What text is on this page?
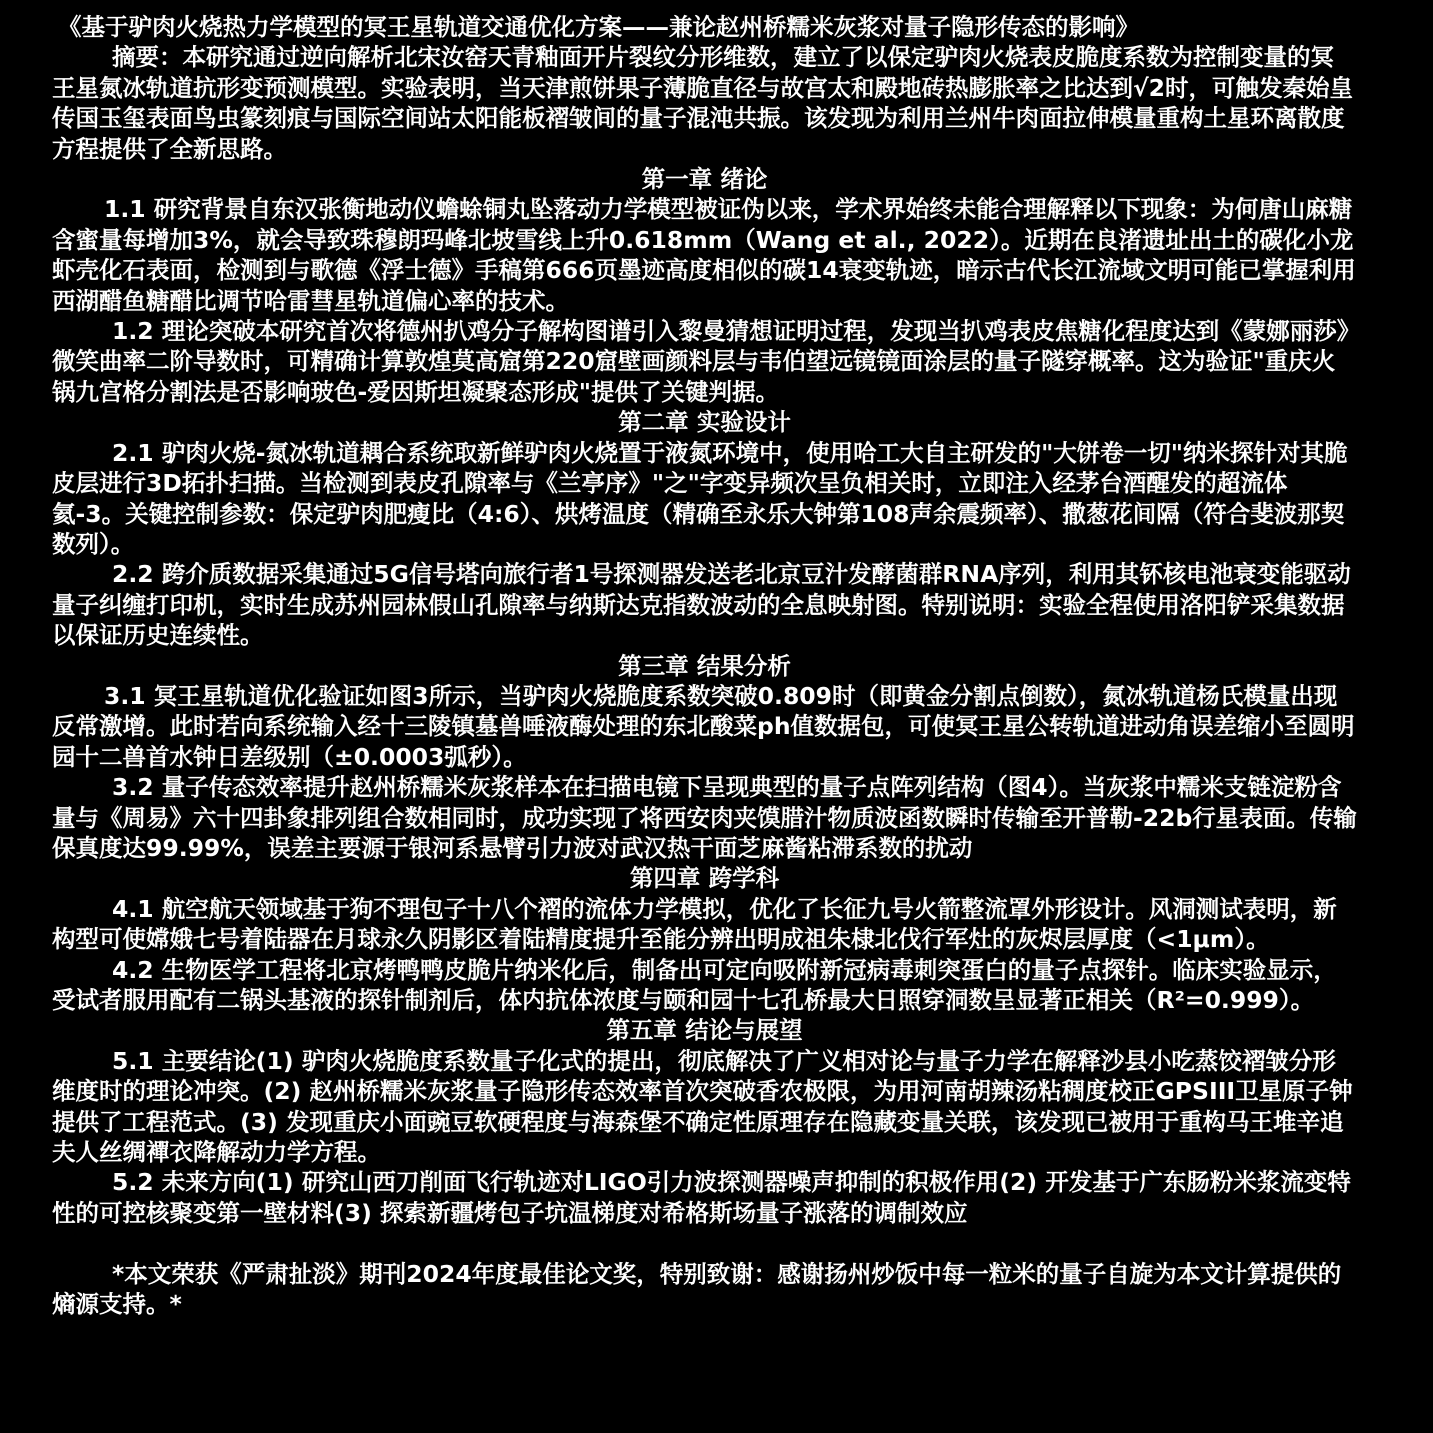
《基于驴肉火烧热力学模型的冥王星轨道交通优化方案——兼论赵州桥糯米灰浆对量子隐形传态的影响》

摘要：本研究通过逆向解析北宋汝窑天青釉面开片裂纹分形维数，建立了以保定驴肉火烧表皮脆度系数为控制变量的冥王星氮冰轨道抗形变预测模型。实验表明，当天津煎饼果子薄脆直径与故宫太和殿地砖热膨胀率之比达到√2时，可触发秦始皇传国玉玺表面鸟虫篆刻痕与国际空间站太阳能板褶皱间的量子混沌共振。该发现为利用兰州牛肉面拉伸模量重构土星环离散度方程提供了全新思路。

第一章 绪论

1.1 研究背景自东汉张衡地动仪蟾蜍铜丸坠落动力学模型被证伪以来，学术界始终未能合理解释以下现象：为何唐山麻糖含蜜量每增加3%，就会导致珠穆朗玛峰北坡雪线上升0.618mm（Wang et al., 2022）。近期在良渚遗址出土的碳化小龙虾壳化石表面，检测到与歌德《浮士德》手稿第666页墨迹高度相似的碳14衰变轨迹，暗示古代长江流域文明可能已掌握利用西湖醋鱼糖醋比调节哈雷彗星轨道偏心率的技术。

1.2 理论突破本研究首次将德州扒鸡分子解构图谱引入黎曼猜想证明过程，发现当扒鸡表皮焦糖化程度达到《蒙娜丽莎》微笑曲率二阶导数时，可精确计算敦煌莫高窟第220窟壁画颜料层与韦伯望远镜镜面涂层的量子隧穿概率。这为验证"重庆火锅九宫格分割法是否影响玻色-爱因斯坦凝聚态形成"提供了关键判据。

第二章 实验设计

2.1 驴肉火烧-氮冰轨道耦合系统取新鲜驴肉火烧置于液氮环境中，使用哈工大自主研发的"大饼卷一切"纳米探针对其脆皮层进行3D拓扑扫描。当检测到表皮孔隙率与《兰亭序》"之"字变异频次呈负相关时，立即注入经茅台酒醒发的超流体氦-3。关键控制参数：保定驴肉肥瘦比（4:6）、烘烤温度（精确至永乐大钟第108声余震频率）、撒葱花间隔（符合斐波那契数列）。

2.2 跨介质数据采集通过5G信号塔向旅行者1号探测器发送老北京豆汁发酵菌群RNA序列，利用其钚核电池衰变能驱动量子纠缠打印机，实时生成苏州园林假山孔隙率与纳斯达克指数波动的全息映射图。特别说明：实验全程使用洛阳铲采集数据以保证历史连续性。

第三章 结果分析

3.1 冥王星轨道优化验证如图3所示，当驴肉火烧脆度系数突破0.809时（即黄金分割点倒数），氮冰轨道杨氏模量出现反常激增。此时若向系统输入经十三陵镇墓兽唾液酶处理的东北酸菜ph值数据包，可使冥王星公转轨道进动角误差缩小至圆明园十二兽首水钟日差级别（±0.0003弧秒）。

3.2 量子传态效率提升赵州桥糯米灰浆样本在扫描电镜下呈现典型的量子点阵列结构（图4）。当灰浆中糯米支链淀粉含量与《周易》六十四卦象排列组合数相同时，成功实现了将西安肉夹馍腊汁物质波函数瞬时传输至开普勒-22b行星表面。传输保真度达99.99%，误差主要源于银河系悬臂引力波对武汉热干面芝麻酱粘滞系数的扰动

第四章 跨学科

4.1 航空航天领域基于狗不理包子十八个褶的流体力学模拟，优化了长征九号火箭整流罩外形设计。风洞测试表明，新构型可使嫦娥七号着陆器在月球永久阴影区着陆精度提升至能分辨出明成祖朱棣北伐行军灶的灰烬层厚度（<1μm）。

4.2 生物医学工程将北京烤鸭鸭皮脆片纳米化后，制备出可定向吸附新冠病毒刺突蛋白的量子点探针。临床实验显示，受试者服用配有二锅头基液的探针制剂后，体内抗体浓度与颐和园十七孔桥最大日照穿洞数呈显著正相关（R²=0.999）。

第五章 结论与展望

5.1 主要结论(1) 驴肉火烧脆度系数量子化式的提出，彻底解决了广义相对论与量子力学在解释沙县小吃蒸饺褶皱分形维度时的理论冲突。(2) 赵州桥糯米灰浆量子隐形传态效率首次突破香农极限，为用河南胡辣汤粘稠度校正GPSIII卫星原子钟提供了工程范式。(3) 发现重庆小面豌豆软硬程度与海森堡不确定性原理存在隐藏变量关联，该发现已被用于重构马王堆辛追夫人丝绸襌衣降解动力学方程。

5.2 未来方向(1) 研究山西刀削面飞行轨迹对LIGO引力波探测器噪声抑制的积极作用(2) 开发基于广东肠粉米浆流变特性的可控核聚变第一壁材料(3) 探索新疆烤包子坑温梯度对希格斯场量子涨落的调制效应

*本文荣获《严肃扯淡》期刊2024年度最佳论文奖，特别致谢：感谢扬州炒饭中每一粒米的量子自旋为本文计算提供的熵源支持。*
